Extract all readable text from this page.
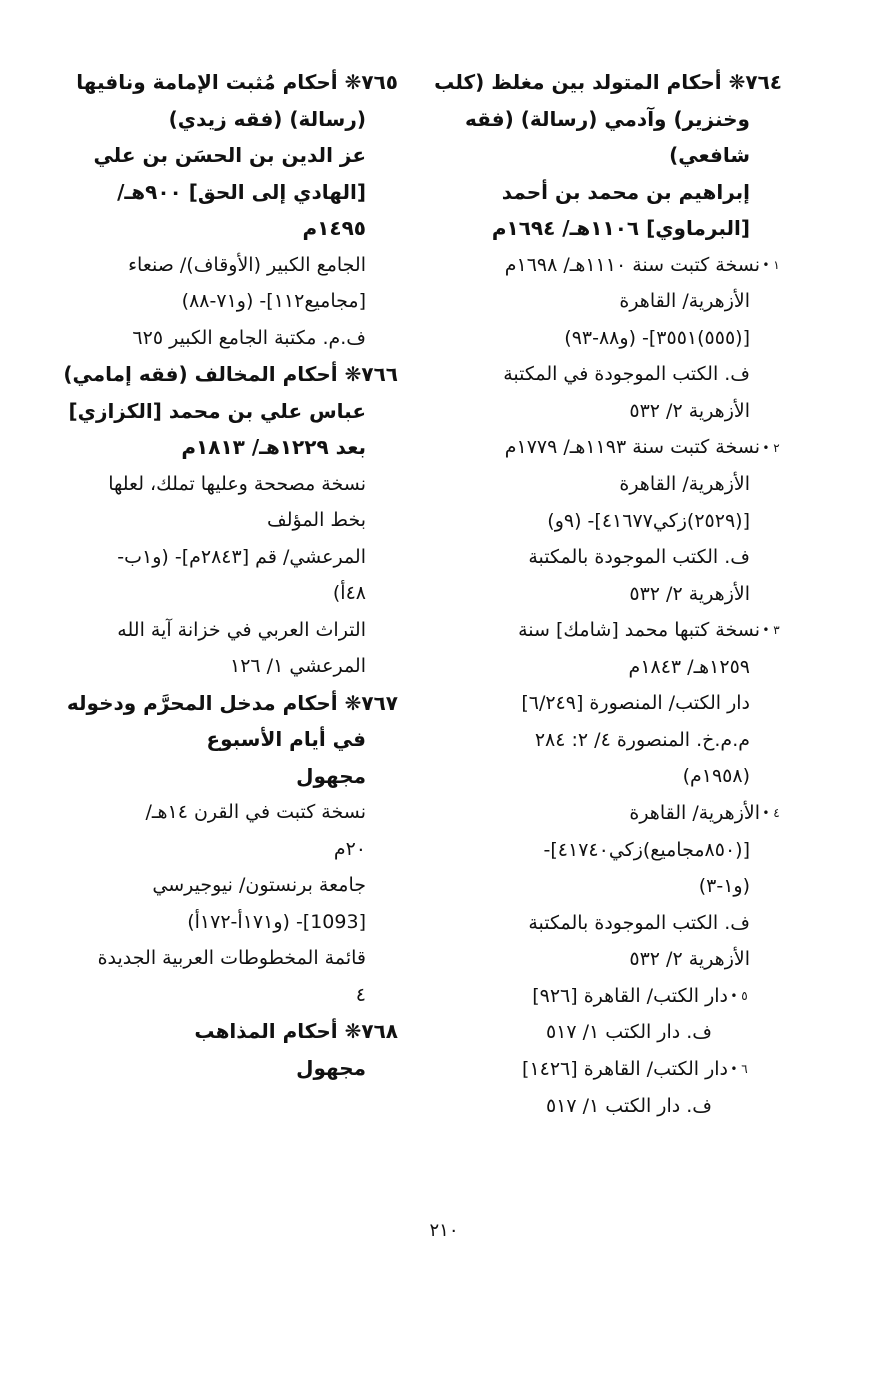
٧٦٤❋ أحكام المتولد بين مغلظ (كلب
وخنزير) وآدمي (رسالة) (فقه
شافعي)
إبراهيم بن محمد بن أحمد
[البرماوي] ١١٠٦هـ/ ١٦٩٤م
١ •نسخة كتبت سنة ١١١٠هـ/ ١٦٩٨م
الأزهرية/ القاهرة
[(٥٥٥)٣٥٥١]- (و٨٨-٩٣)
ف. الكتب الموجودة في المكتبة
الأزهرية ٢/ ٥٣٢
٢ •نسخة كتبت سنة ١١٩٣هـ/ ١٧٧٩م
الأزهرية/ القاهرة
[(٢٥٢٩)زكي٤١٦٧٧]- (٩و)
ف. الكتب الموجودة بالمكتبة
الأزهرية ٢/ ٥٣٢
٣ •نسخة كتبها محمد [شامك] سنة
١٢٥٩هـ/ ١٨٤٣م
دار الكتب/ المنصورة [٦/٢٤٩]
م.م.خ. المنصورة ٤/ ٢: ٢٨٤
(١٩٥٨م)
٤ •الأزهرية/ القاهرة
[(٨٥٠مجاميع)زكي٤١٧٤٠]-
(و١-٣)
ف. الكتب الموجودة بالمكتبة
الأزهرية ٢/ ٥٣٢
٥ •دار الكتب/ القاهرة [٩٢٦]
ف. دار الكتب ١/ ٥١٧
٦ •دار الكتب/ القاهرة [١٤٢٦]
ف. دار الكتب ١/ ٥١٧
٧٦٥❋ أحكام مُثبت الإمامة ونافيها
(رسالة) (فقه زيدي)
عز الدين بن الحسَن بن علي
[الهادي إلى الحق] ٩٠٠هـ/
١٤٩٥م
الجامع الكبير (الأوقاف)/ صنعاء
[مجاميع١١٢]- (و٧١-٨٨)
ف.م. مكتبة الجامع الكبير ٦٢٥
٧٦٦❋ أحكام المخالف (فقه إمامي)
عباس علي بن محمد [الكزازي]
بعد ١٢٢٩هـ/ ١٨١٣م
نسخة مصححة وعليها تملك، لعلها
بخط المؤلف
المرعشي/ قم [٢٨٤٣م]- (و١ب-
٤٨أ)
التراث العربي في خزانة آية الله
المرعشي ١/ ١٢٦
٧٦٧❋ أحكام مدخل المحرَّم ودخوله
في أيام الأسبوع
مجهول
نسخة كتبت في القرن ١٤هـ/
٢٠م
جامعة برنستون/ نيوجيرسي
[1093]- (و١٧١أ-١٧٢أ)
قائمة المخطوطات العربية الجديدة
٤
٧٦٨❋ أحكام المذاهب
مجهول
٢١٠
